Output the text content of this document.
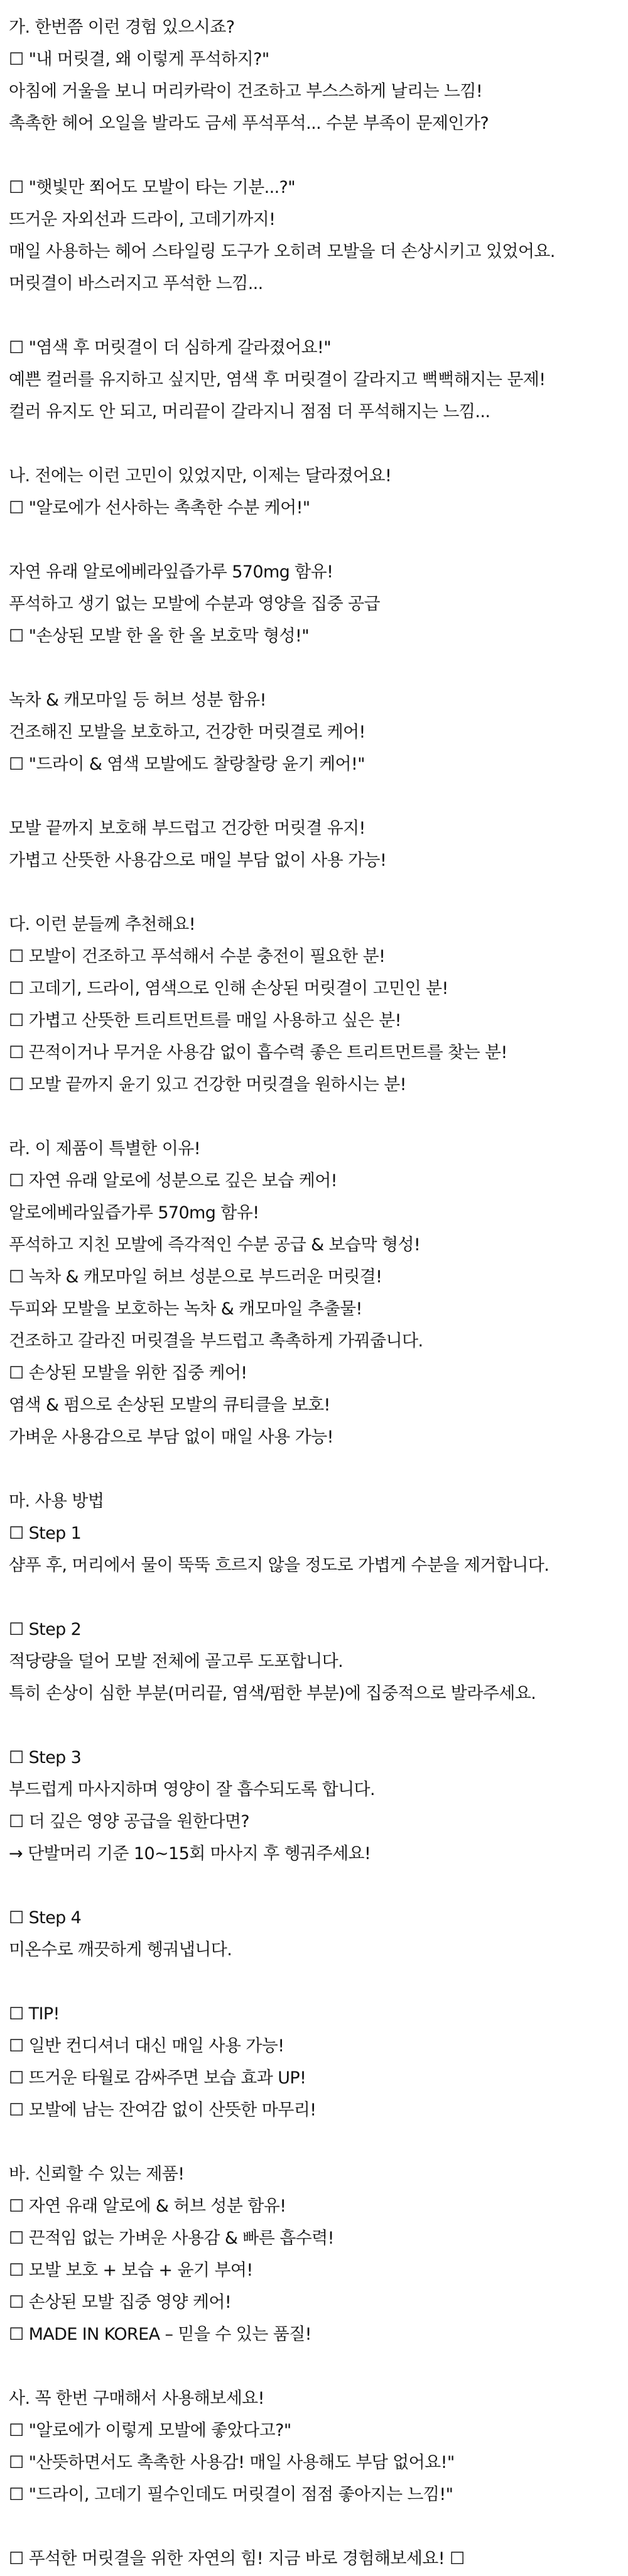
가. 한번쯤 이런 경험 있으시죠?
☐ "내 머릿결, 왜 이렇게 푸석하지?"
아침에 거울을 보니 머리카락이 건조하고 부스스하게 날리는 느낌!
촉촉한 헤어 오일을 발라도 금세 푸석푸석... 수분 부족이 문제인가?
☐ "햇빛만 쬐어도 모발이 타는 기분...?"
뜨거운 자외선과 드라이, 고데기까지!
매일 사용하는 헤어 스타일링 도구가 오히려 모발을 더 손상시키고 있었어요.
머릿결이 바스러지고 푸석한 느낌...
☐ "염색 후 머릿결이 더 심하게 갈라졌어요!"
예쁜 컬러를 유지하고 싶지만, 염색 후 머릿결이 갈라지고 뻑뻑해지는 문제!
컬러 유지도 안 되고, 머리끝이 갈라지니 점점 더 푸석해지는 느낌...
나. 전에는 이런 고민이 있었지만, 이제는 달라졌어요!
☐ "알로에가 선사하는 촉촉한 수분 케어!"
자연 유래 알로에베라잎즙가루 570mg 함유!
푸석하고 생기 없는 모발에 수분과 영양을 집중 공급
☐ "손상된 모발 한 올 한 올 보호막 형성!"
녹차 & 캐모마일 등 허브 성분 함유!
건조해진 모발을 보호하고, 건강한 머릿결로 케어!
☐ "드라이 & 염색 모발에도 찰랑찰랑 윤기 케어!"
모발 끝까지 보호해 부드럽고 건강한 머릿결 유지!
가볍고 산뜻한 사용감으로 매일 부담 없이 사용 가능!
다. 이런 분들께 추천해요!
☐ 모발이 건조하고 푸석해서 수분 충전이 필요한 분!
☐ 고데기, 드라이, 염색으로 인해 손상된 머릿결이 고민인 분!
☐ 가볍고 산뜻한 트리트먼트를 매일 사용하고 싶은 분!
☐ 끈적이거나 무거운 사용감 없이 흡수력 좋은 트리트먼트를 찾는 분!
☐ 모발 끝까지 윤기 있고 건강한 머릿결을 원하시는 분!
라. 이 제품이 특별한 이유!
☐ 자연 유래 알로에 성분으로 깊은 보습 케어!
알로에베라잎즙가루 570mg 함유!
푸석하고 지친 모발에 즉각적인 수분 공급 & 보습막 형성!
☐ 녹차 & 캐모마일 허브 성분으로 부드러운 머릿결!
두피와 모발을 보호하는 녹차 & 캐모마일 추출물!
건조하고 갈라진 머릿결을 부드럽고 촉촉하게 가꿔줍니다.
☐ 손상된 모발을 위한 집중 케어!
염색 & 펌으로 손상된 모발의 큐티클을 보호!
가벼운 사용감으로 부담 없이 매일 사용 가능!
마. 사용 방법
☐ Step 1
샴푸 후, 머리에서 물이 뚝뚝 흐르지 않을 정도로 가볍게 수분을 제거합니다.
☐ Step 2
적당량을 덜어 모발 전체에 골고루 도포합니다.
특히 손상이 심한 부분(머리끝, 염색/펌한 부분)에 집중적으로 발라주세요.
☐ Step 3
부드럽게 마사지하며 영양이 잘 흡수되도록 합니다.
☐ 더 깊은 영양 공급을 원한다면?
→ 단발머리 기준 10~15회 마사지 후 헹궈주세요!
☐ Step 4
미온수로 깨끗하게 헹궈냅니다.
☐ TIP!
☐ 일반 컨디셔너 대신 매일 사용 가능!
☐ 뜨거운 타월로 감싸주면 보습 효과 UP!
☐ 모발에 남는 잔여감 없이 산뜻한 마무리!
바. 신뢰할 수 있는 제품!
☐ 자연 유래 알로에 & 허브 성분 함유!
☐ 끈적임 없는 가벼운 사용감 & 빠른 흡수력!
☐ 모발 보호 + 보습 + 윤기 부여!
☐ 손상된 모발 집중 영양 케어!
☐ MADE IN KOREA – 믿을 수 있는 품질!
사. 꼭 한번 구매해서 사용해보세요!
☐ "알로에가 이렇게 모발에 좋았다고?"
☐ "산뜻하면서도 촉촉한 사용감! 매일 사용해도 부담 없어요!"
☐ "드라이, 고데기 필수인데도 머릿결이 점점 좋아지는 느낌!"
☐ 푸석한 머릿결을 위한 자연의 힘! 지금 바로 경험해보세요! ☐
